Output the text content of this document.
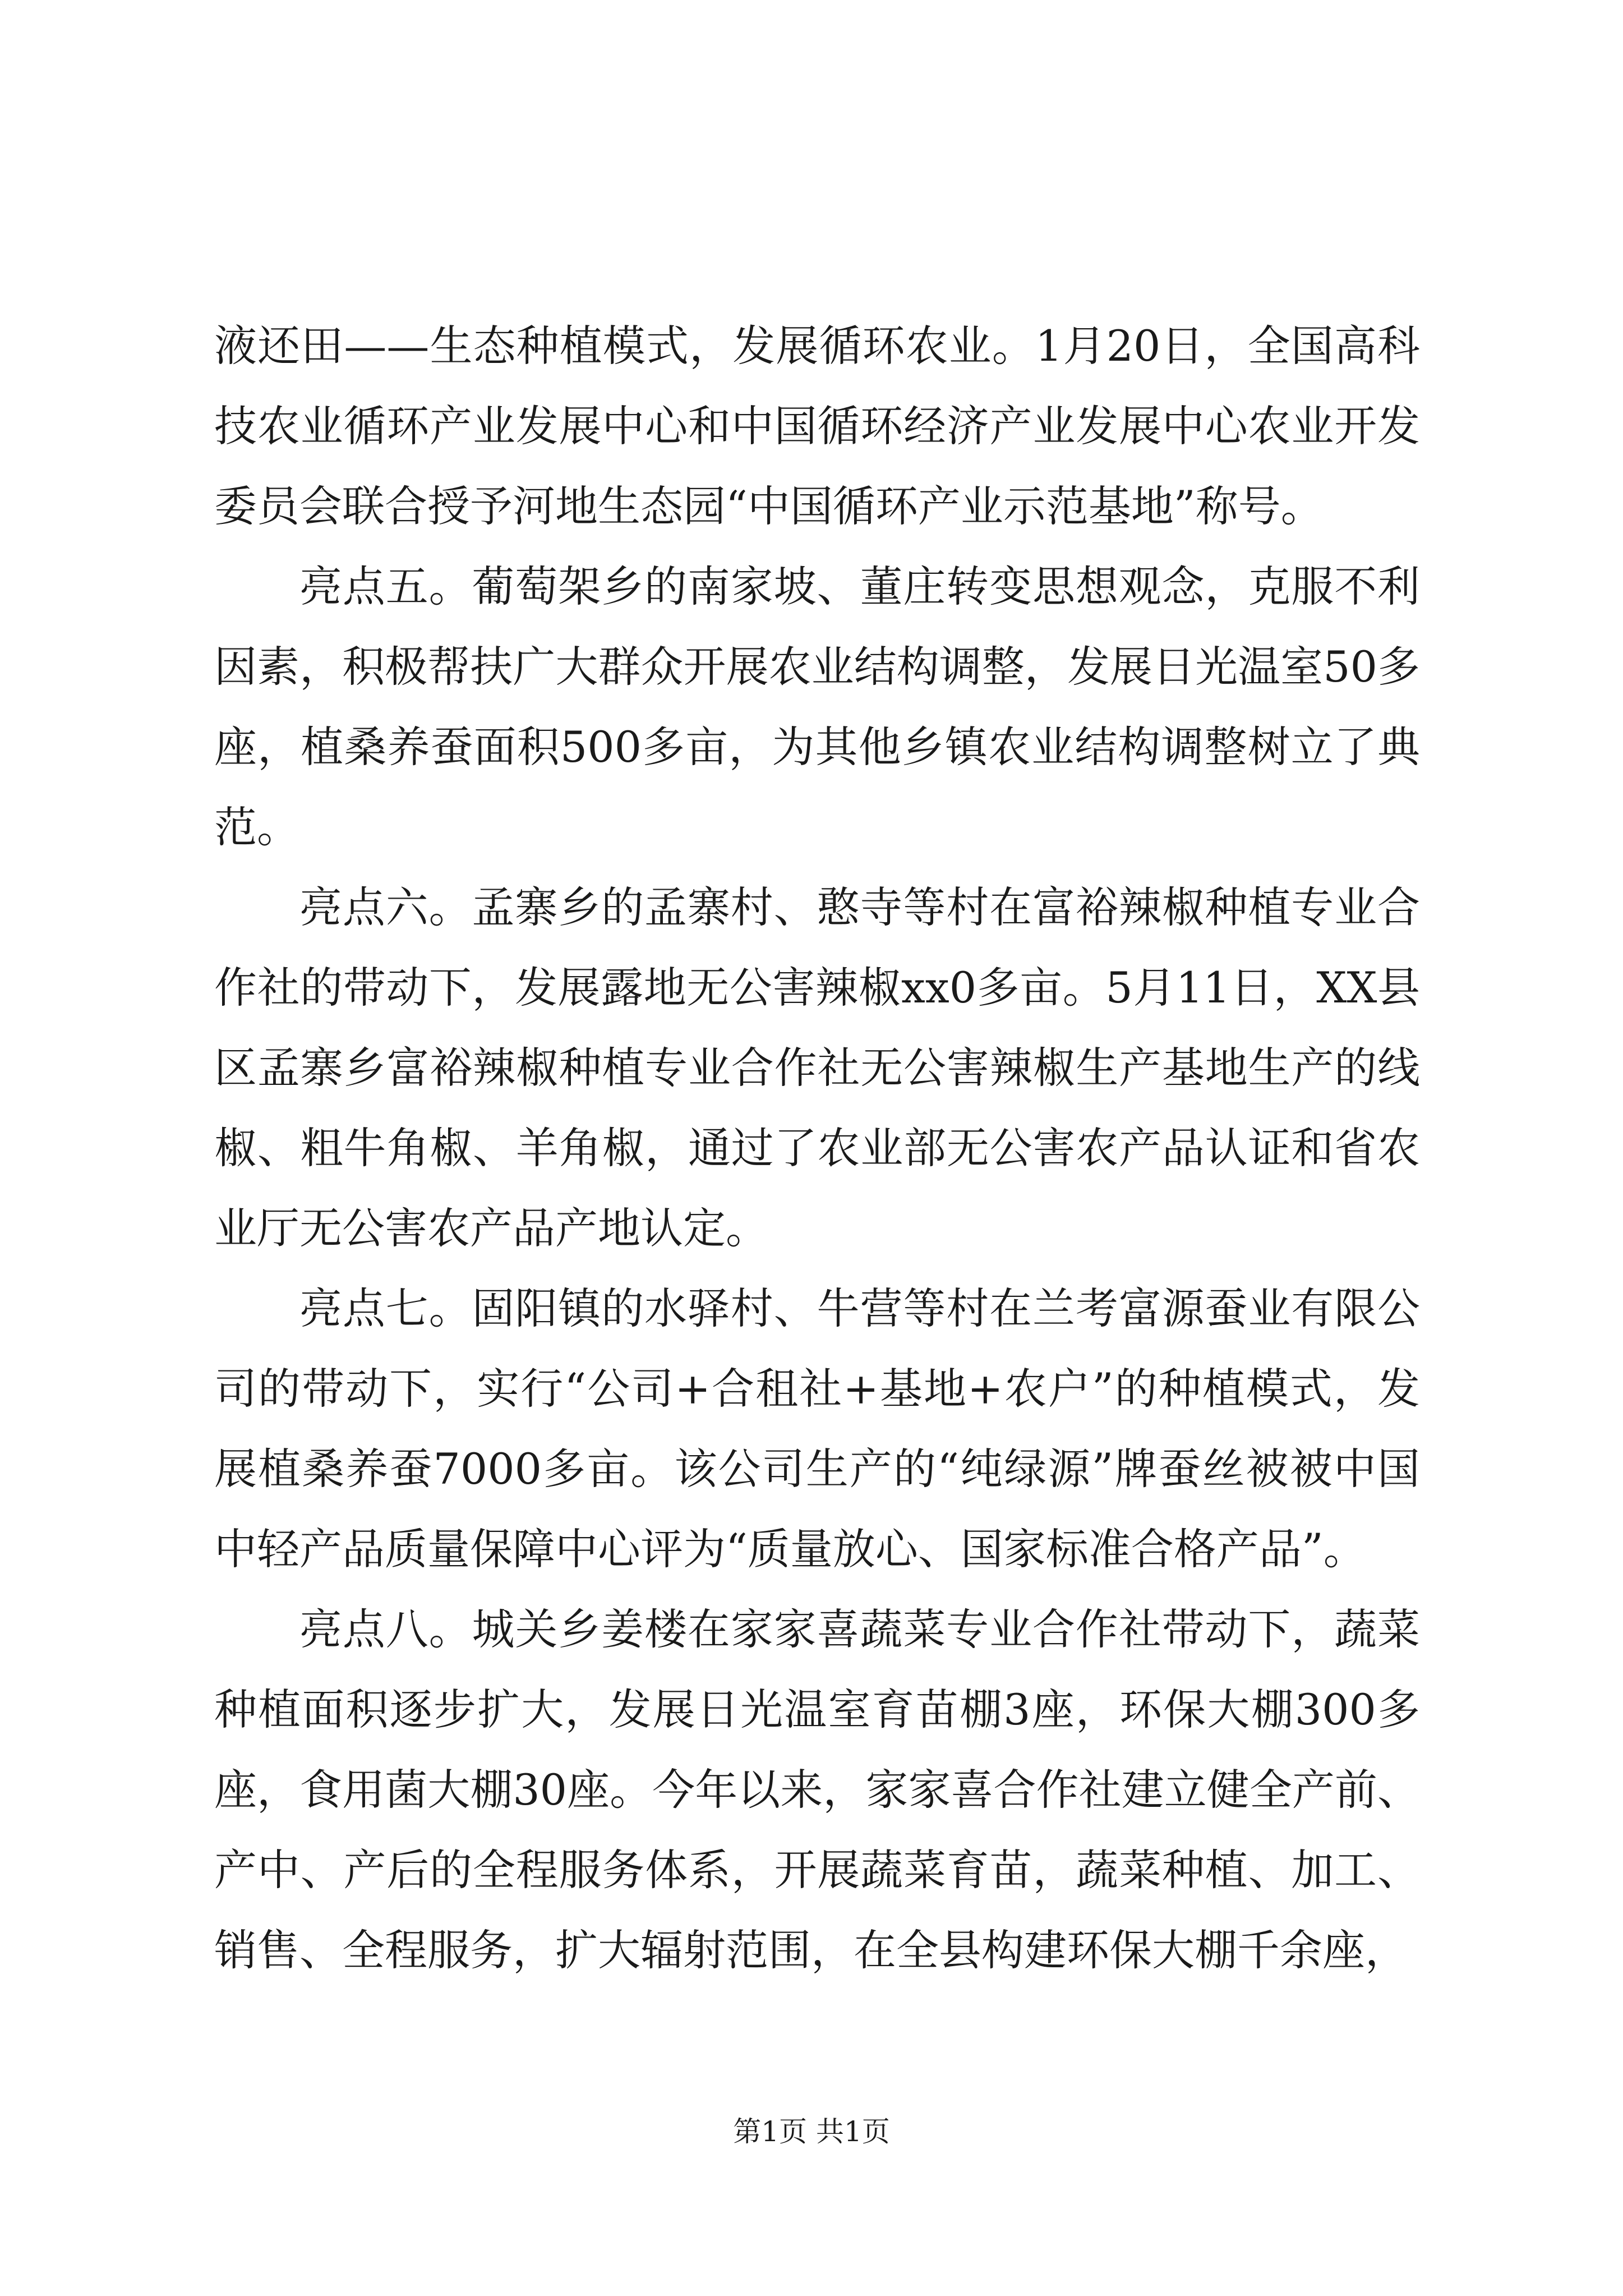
液还田——生态种植模式，发展循环农业。1月20日，全国高科技农业循环产业发展中心和中国循环经济产业发展中心农业开发委员会联合授予河地生态园“中国循环产业示范基地”称号。

亮点五。葡萄架乡的南家坡、董庄转变思想观念，克服不利因素，积极帮扶广大群众开展农业结构调整，发展日光温室50多座，植桑养蚕面积500多亩，为其他乡镇农业结构调整树立了典范。

亮点六。孟寨乡的孟寨村、憨寺等村在富裕辣椒种植专业合作社的带动下，发展露地无公害辣椒xx0多亩。5月11日，XX县区孟寨乡富裕辣椒种植专业合作社无公害辣椒生产基地生产的线椒、粗牛角椒、羊角椒，通过了农业部无公害农产品认证和省农业厅无公害农产品产地认定。

亮点七。固阳镇的水驿村、牛营等村在兰考富源蚕业有限公司的带动下，实行“公司+合租社+基地+农户”的种植模式，发展植桑养蚕7000多亩。该公司生产的“纯绿源”牌蚕丝被被中国中轻产品质量保障中心评为“质量放心、国家标准合格产品”。

亮点八。城关乡姜楼在家家喜蔬菜专业合作社带动下，蔬菜种植面积逐步扩大，发展日光温室育苗棚3座，环保大棚300多座，食用菌大棚30座。今年以来，家家喜合作社建立健全产前、产中、产后的全程服务体系，开展蔬菜育苗，蔬菜种植、加工、销售、全程服务，扩大辐射范围，在全县构建环保大棚千余座，

第1页 共1页
